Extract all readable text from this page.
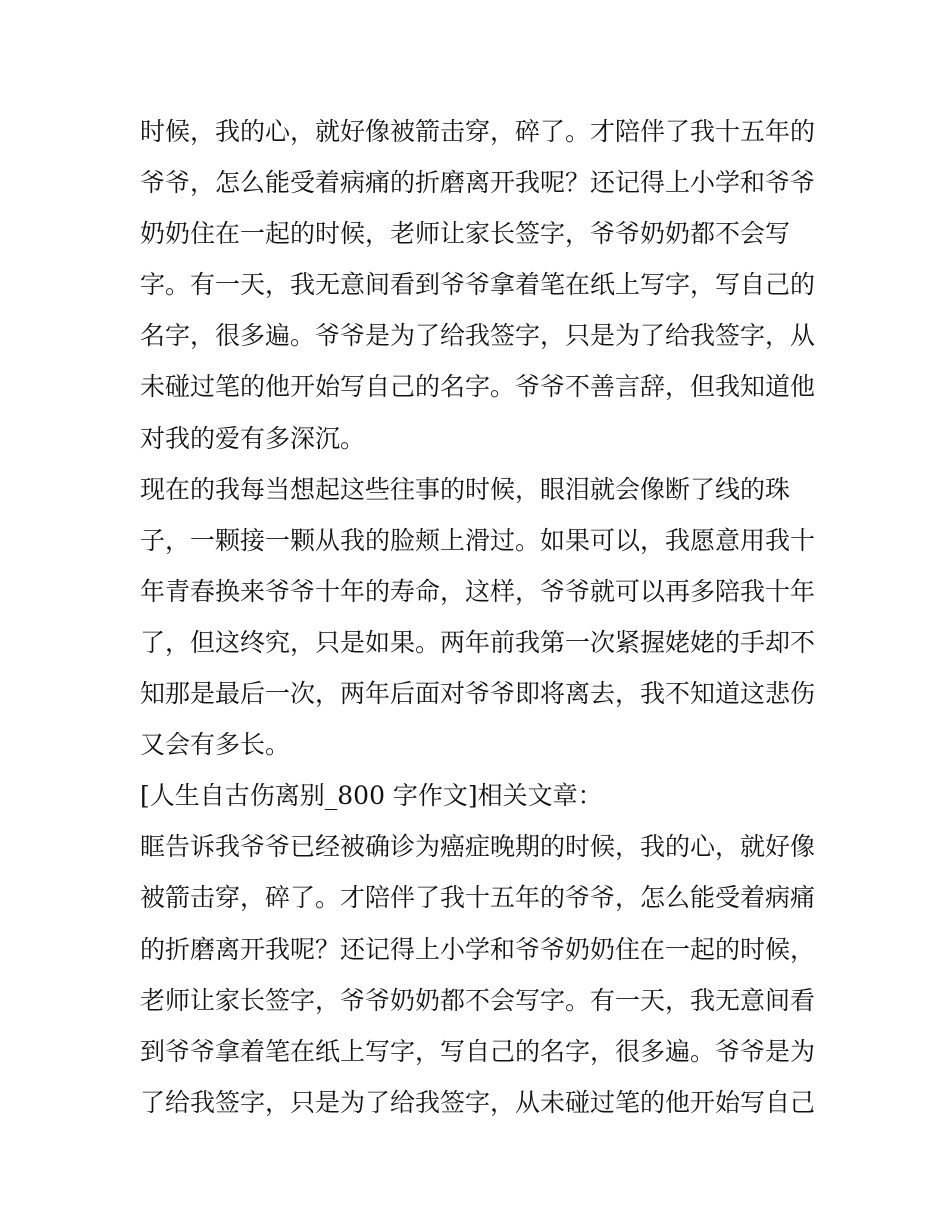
时候，我的心，就好像被箭击穿，碎了。才陪伴了我十五年的
爷爷，怎么能受着病痛的折磨离开我呢？还记得上小学和爷爷
奶奶住在一起的时候，老师让家长签字，爷爷奶奶都不会写
字。有一天，我无意间看到爷爷拿着笔在纸上写字，写自己的
名字，很多遍。爷爷是为了给我签字，只是为了给我签字，从
未碰过笔的他开始写自己的名字。爷爷不善言辞，但我知道他
对我的爱有多深沉。
现在的我每当想起这些往事的时候，眼泪就会像断了线的珠
子，一颗接一颗从我的脸颊上滑过。如果可以，我愿意用我十
年青春换来爷爷十年的寿命，这样，爷爷就可以再多陪我十年
了，但这终究，只是如果。两年前我第一次紧握姥姥的手却不
知那是最后一次，两年后面对爷爷即将离去，我不知道这悲伤
又会有多长。
[人生自古伤离别_800 字作文]相关文章：
眶告诉我爷爷已经被确诊为癌症晚期的时候，我的心，就好像
被箭击穿，碎了。才陪伴了我十五年的爷爷，怎么能受着病痛
的折磨离开我呢？还记得上小学和爷爷奶奶住在一起的时候，
老师让家长签字，爷爷奶奶都不会写字。有一天，我无意间看
到爷爷拿着笔在纸上写字，写自己的名字，很多遍。爷爷是为
了给我签字，只是为了给我签字，从未碰过笔的他开始写自己
